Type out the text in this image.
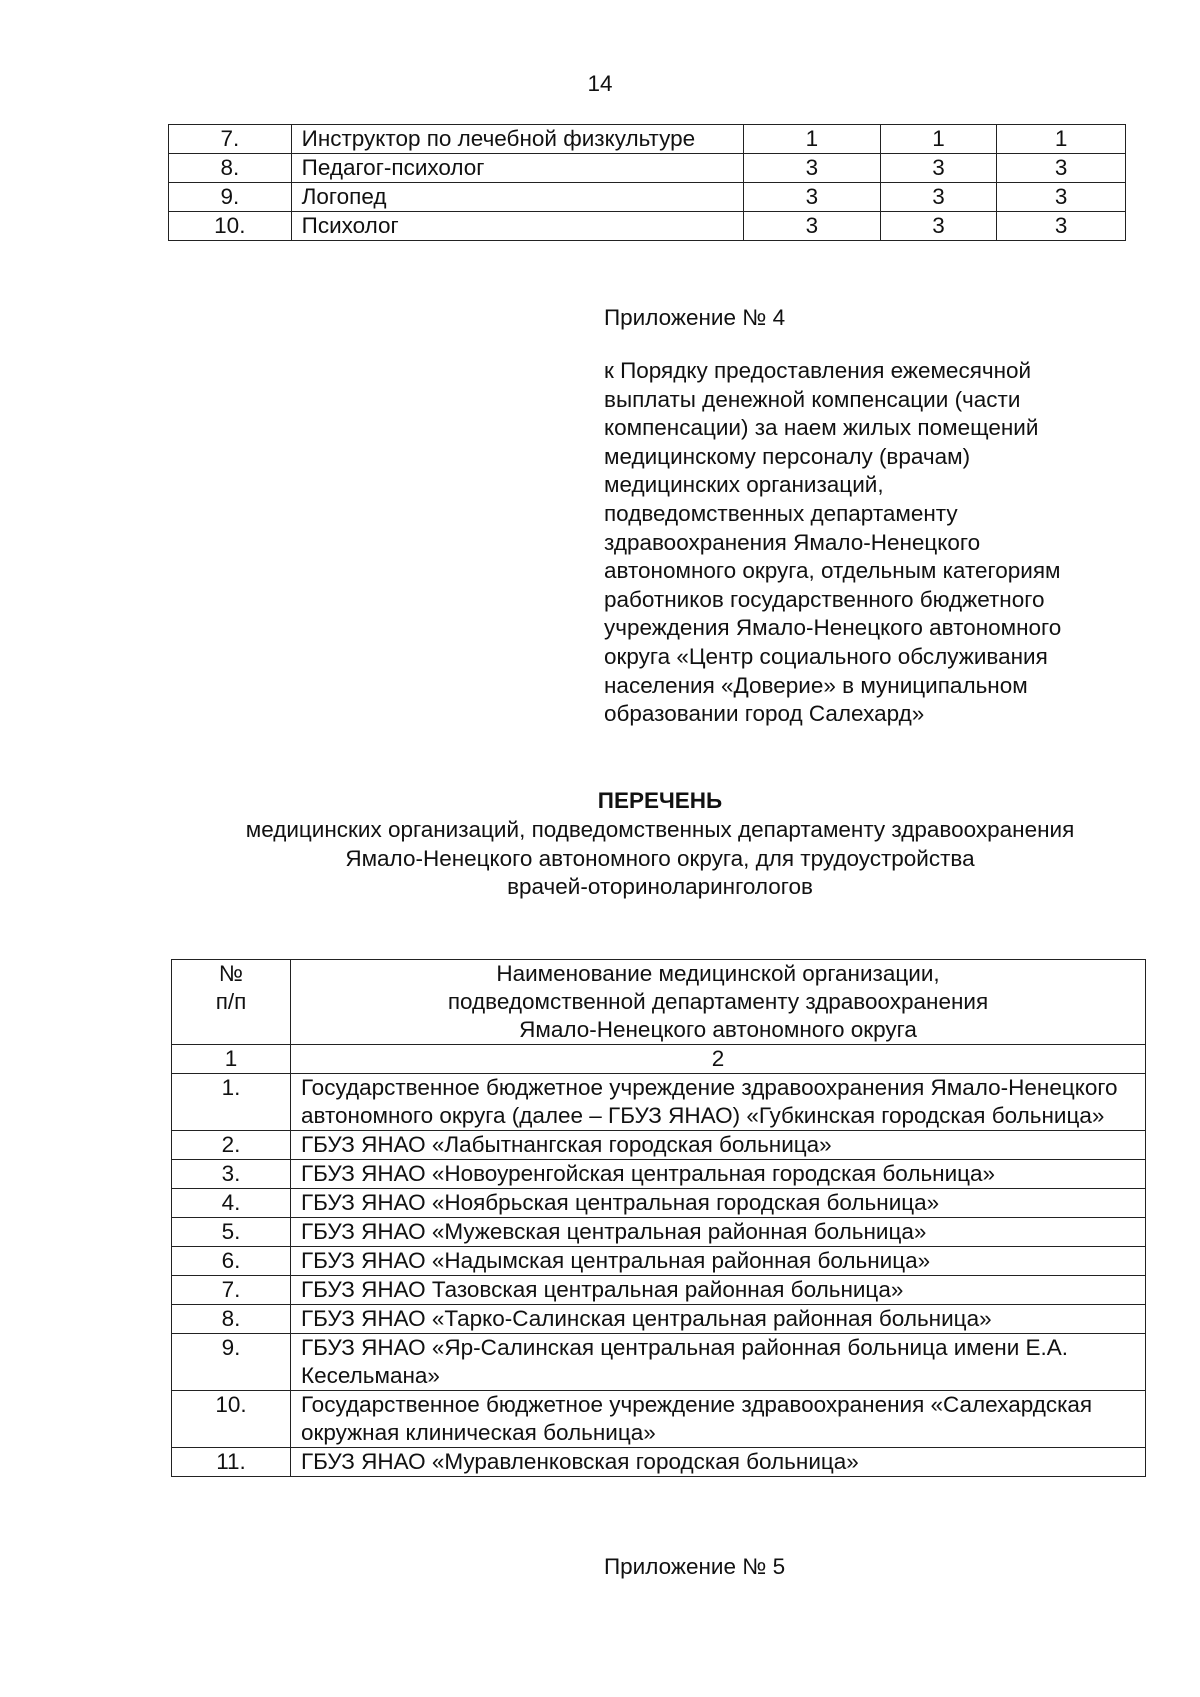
14
7.	Инструктор по лечебной физкультуре	1	1	1
8.	Педагог-психолог	3	3	3
9.	Логопед	3	3	3
10.	Психолог	3	3	3
Приложение № 4
к Порядку предоставления ежемесячной
выплаты денежной компенсации (части
компенсации) за наем жилых помещений
медицинскому персоналу (врачам)
медицинских организаций,
подведомственных департаменту
здравоохранения Ямало-Ненецкого
автономного округа, отдельным категориям
работников государственного бюджетного
учреждения Ямало-Ненецкого автономного
округа «Центр социального обслуживания
населения «Доверие» в муниципальном
образовании город Салехард»
ПЕРЕЧЕНЬ
медицинских организаций, подведомственных департаменту здравоохранения
Ямало-Ненецкого автономного округа, для трудоустройства
врачей-оториноларингологов
№
п/п	Наименование медицинской организации,
подведомственной департаменту здравоохранения
Ямало-Ненецкого автономного округа

1	2
1.	Государственное бюджетное учреждение здравоохранения Ямало-Ненецкого автономного округа (далее – ГБУЗ ЯНАО) «Губкинская городская больница»
2.	ГБУЗ ЯНАО «Лабытнангская городская больница»
3.	ГБУЗ ЯНАО «Новоуренгойская центральная городская больница»
4.	ГБУЗ ЯНАО «Ноябрьская центральная городская больница»
5.	ГБУЗ ЯНАО «Мужевская центральная районная больница»
6.	ГБУЗ ЯНАО «Надымская центральная районная больница»
7.	ГБУЗ ЯНАО Тазовская центральная районная больница»
8.	ГБУЗ ЯНАО «Тарко-Салинская центральная районная больница»
9.	ГБУЗ ЯНАО «Яр-Салинская центральная районная больница имени Е.А. Кесельмана»
10.	Государственное бюджетное учреждение здравоохранения «Салехардская окружная клиническая больница»
11.	ГБУЗ ЯНАО «Муравленковская городская больница»
Приложение № 5
